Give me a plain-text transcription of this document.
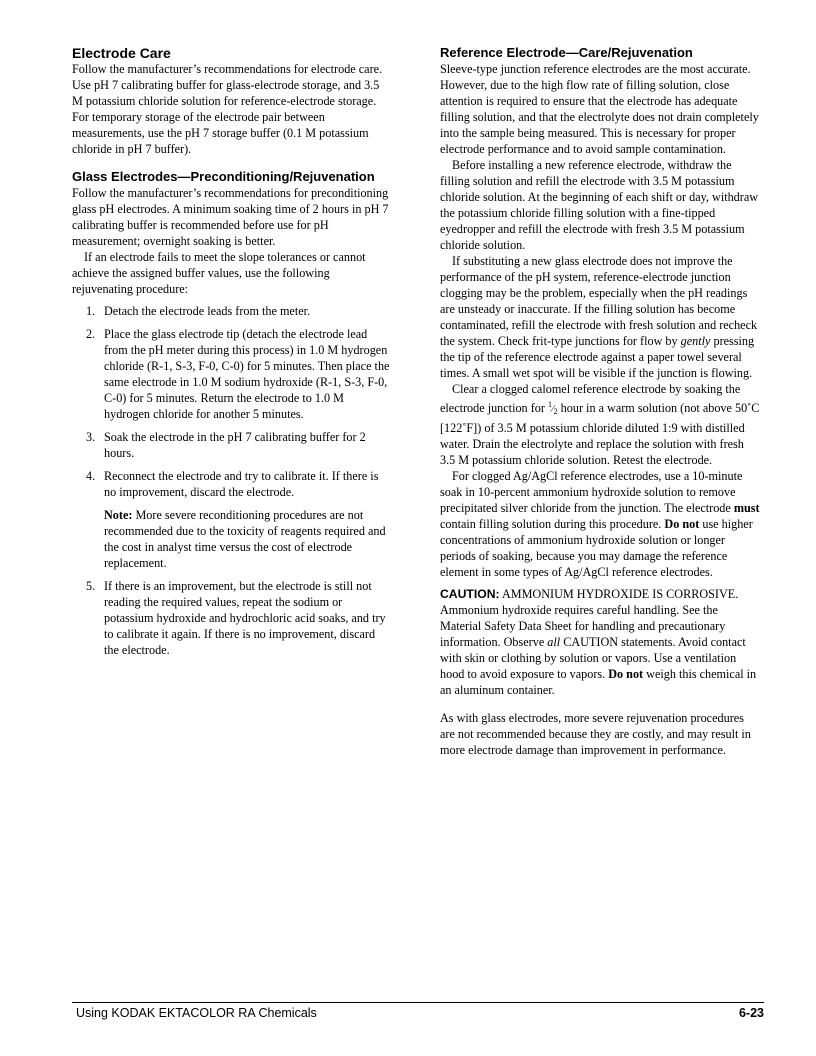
Electrode Care

Follow the manufacturer’s recommendations for electrode care. Use pH 7 calibrating buffer for glass-electrode storage, and 3.5 M potassium chloride solution for reference-electrode storage. For temporary storage of the electrode pair between measurements, use the pH 7 storage buffer (0.1 M potassium chloride in pH 7 buffer).

Glass Electrodes—Preconditioning/Rejuvenation

Follow the manufacturer’s recommendations for preconditioning glass pH electrodes. A minimum soaking time of 2 hours in pH 7 calibrating buffer is recommended before use for pH measurement; overnight soaking is better.

If an electrode fails to meet the slope tolerances or cannot achieve the assigned buffer values, use the following rejuvenating procedure:

1. Detach the electrode leads from the meter.
2. Place the glass electrode tip (detach the electrode lead from the pH meter during this process) in 1.0 M hydrogen chloride (R-1, S-3, F-0, C-0) for 5 minutes. Then place the same electrode in 1.0 M sodium hydroxide (R-1, S-3, F-0, C-0) for 5 minutes. Return the electrode to 1.0 M hydrogen chloride for another 5 minutes.
3. Soak the electrode in the pH 7 calibrating buffer for 2 hours.
4. Reconnect the electrode and try to calibrate it. If there is no improvement, discard the electrode.

Note: More severe reconditioning procedures are not recommended due to the toxicity of reagents required and the cost in analyst time versus the cost of electrode replacement.

5. If there is an improvement, but the electrode is still not reading the required values, repeat the sodium or potassium hydroxide and hydrochloric acid soaks, and try to calibrate it again. If there is no improvement, discard the electrode.
Reference Electrode—Care/Rejuvenation

Sleeve-type junction reference electrodes are the most accurate. However, due to the high flow rate of filling solution, close attention is required to ensure that the electrode has adequate filling solution, and that the electrolyte does not drain completely into the sample being measured. This is necessary for proper electrode performance and to avoid sample contamination.

Before installing a new reference electrode, withdraw the filling solution and refill the electrode with 3.5 M potassium chloride solution. At the beginning of each shift or day, withdraw the potassium chloride filling solution with a fine-tipped eyedropper and refill the electrode with fresh 3.5 M potassium chloride solution.

If substituting a new glass electrode does not improve the performance of the pH system, reference-electrode junction clogging may be the problem, especially when the pH readings are unsteady or inaccurate. If the filling solution has become contaminated, refill the electrode with fresh solution and recheck the system. Check frit-type junctions for flow by gently pressing the tip of the reference electrode against a paper towel several times. A small wet spot will be visible if the junction is flowing.

Clear a clogged calomel reference electrode by soaking the electrode junction for $^1⁄_2$ hour in a warm solution (not above 50˚C [122˚F]) of 3.5 M potassium chloride diluted 1:9 with distilled water. Drain the electrolyte and replace the solution with fresh 3.5 M potassium chloride solution. Retest the electrode.

For clogged Ag/AgCl reference electrodes, use a 10-minute soak in 10-percent ammonium hydroxide solution to remove precipitated silver chloride from the junction. The electrode must contain filling solution during this procedure. Do not use higher concentrations of ammonium hydroxide solution or longer periods of soaking, because you may damage the reference element in some types of Ag/AgCl reference electrodes.

CAUTION: AMMONIUM HYDROXIDE IS CORROSIVE. Ammonium hydroxide requires careful handling. See the Material Safety Data Sheet for handling and precautionary information. Observe all CAUTION statements. Avoid contact with skin or clothing by solution or vapors. Use a ventilation hood to avoid exposure to vapors. Do not weigh this chemical in an aluminum container.

As with glass electrodes, more severe rejuvenation procedures are not recommended because they are costly, and may result in more electrode damage than improvement in performance.

Using KODAK EKTACOLOR RA Chemicals	6-23
